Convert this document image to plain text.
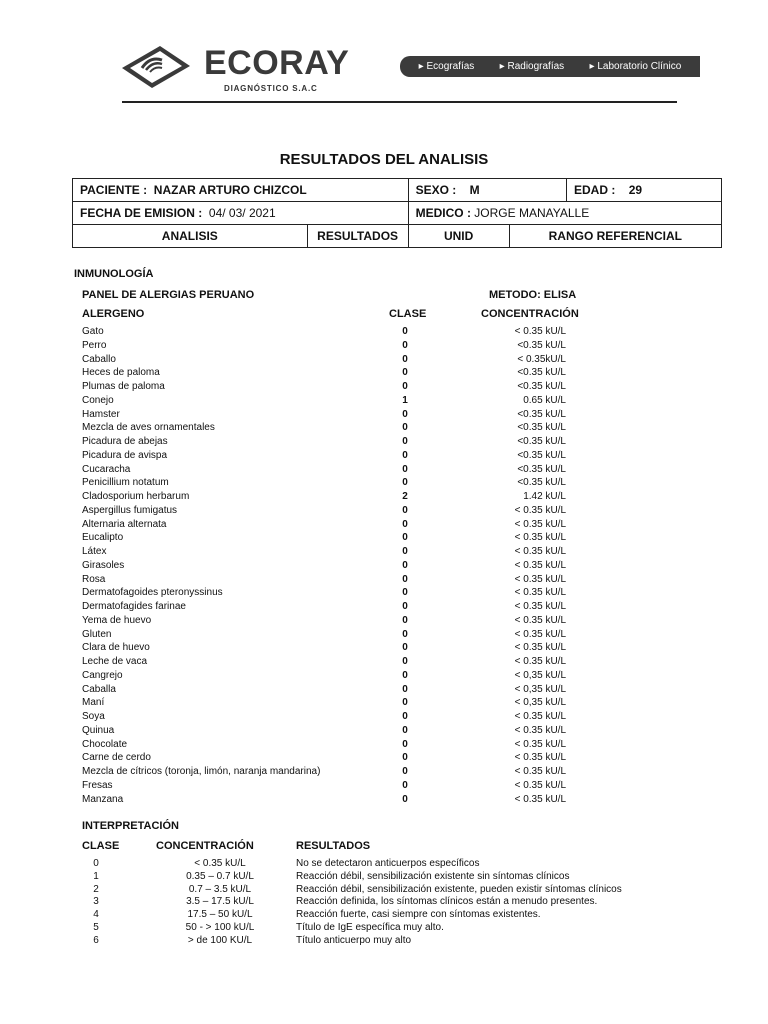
ECORAY
DIAGNÓSTICO S.A.C
▸ Ecografías	▸ Radiografías	▸ Laboratorio Clínico
RESULTADOS DEL ANALISIS
PACIENTE : NAZAR ARTURO CHIZCOL		SEXO : M		EDAD : 29
FECHA DE EMISION : 04/ 03/ 2021		MEDICO : JORGE MANAYALLE		
ANALISIS	RESULTADOS	UNID	RANGO REFERENCIAL	
INMUNOLOGÍA
PANEL DE ALERGIAS PERUANO	METODO: ELISA
ALERGENO	CLASE	CONCENTRACIÓN
Gato	0	< 0.35 kU/L
Perro	0	<0.35 kU/L
Caballo	0	< 0.35kU/L
Heces de paloma	0	<0.35 kU/L
Plumas de paloma	0	<0.35 kU/L
Conejo	1	0.65 kU/L
Hamster	0	<0.35 kU/L
Mezcla de aves ornamentales	0	<0.35 kU/L
Picadura de abejas	0	<0.35 kU/L
Picadura de avispa	0	<0.35 kU/L
Cucaracha	0	<0.35 kU/L
Penicillium notatum	0	<0.35 kU/L
Cladosporium herbarum	2	1.42 kU/L
Aspergillus fumigatus	0	< 0.35 kU/L
Alternaria alternata	0	< 0.35 kU/L
Eucalipto	0	< 0.35 kU/L
Látex	0	< 0.35 kU/L
Girasoles	0	< 0.35 kU/L
Rosa	0	< 0.35 kU/L
Dermatofagoides pteronyssinus	0	< 0.35 kU/L
Dermatofagides farinae	0	< 0.35 kU/L
Yema de huevo	0	< 0.35 kU/L
Gluten	0	< 0.35 kU/L
Clara de huevo	0	< 0.35 kU/L
Leche de vaca	0	< 0.35 kU/L
Cangrejo	0	< 0,35 kU/L
Caballa	0	< 0,35 kU/L
Maní	0	< 0,35 kU/L
Soya	0	< 0.35 kU/L
Quinua	0	< 0.35 kU/L
Chocolate	0	< 0.35 kU/L
Carne de cerdo	0	< 0.35 kU/L
Mezcla de cítricos (toronja, limón, naranja mandarina)	0	< 0.35 kU/L
Fresas	0	< 0.35 kU/L
Manzana	0	< 0.35 kU/L
INTERPRETACIÓN
CLASE	CONCENTRACIÓN	RESULTADOS
0	< 0.35 kU/L	No se detectaron anticuerpos específicos
1	0.35 – 0.7 kU/L	Reacción débil, sensibilización existente sin síntomas clínicos
2	0.7 – 3.5 kU/L	Reacción débil, sensibilización existente, pueden existir síntomas clínicos
3	3.5 – 17.5 kU/L	Reacción definida, los síntomas clínicos están a menudo presentes.
4	17.5 – 50 kU/L	Reacción fuerte, casi siempre con síntomas existentes.
5	50 - > 100 kU/L	Título de IgE específica muy alto.
6	> de 100 KU/L	Título anticuerpo muy alto
